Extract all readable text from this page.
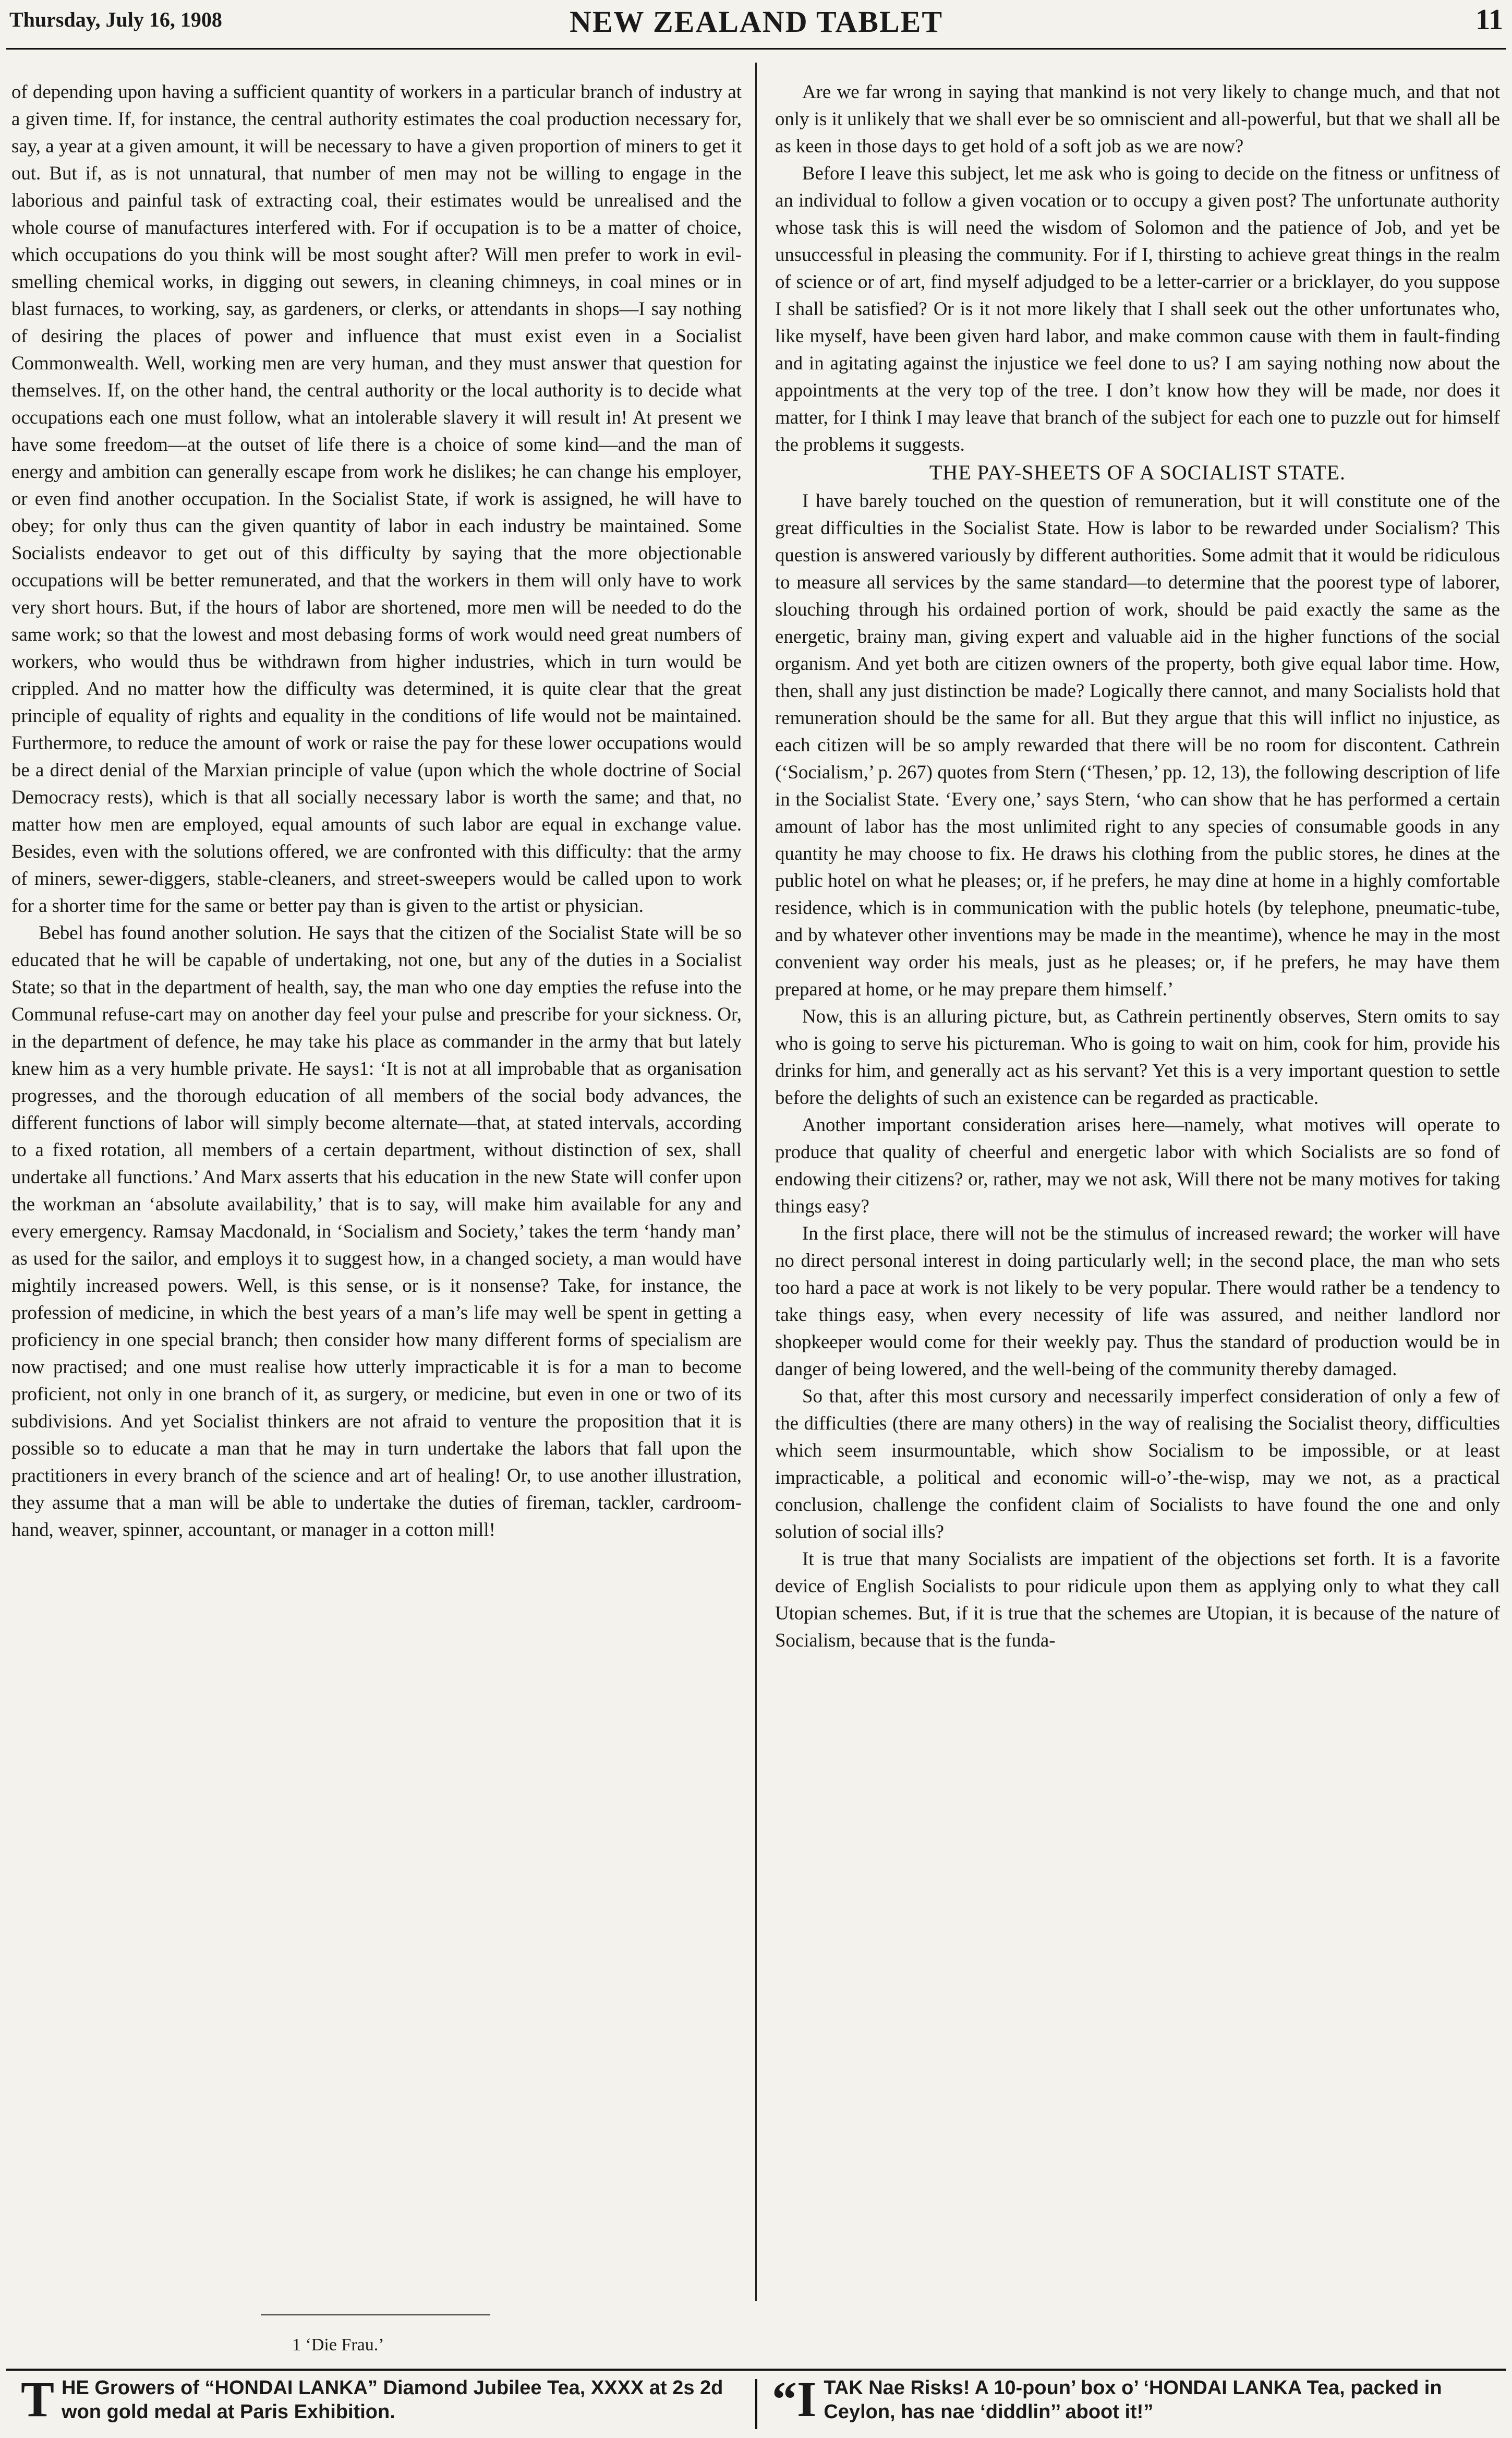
Thursday, July 16, 1908	NEW ZEALAND TABLET	11

of depending upon having a sufficient quantity of workers in a particular branch of industry at a given time. If, for instance, the central authority estimates the coal production necessary for, say, a year at a given amount, it will be necessary to have a given proportion of miners to get it out. But if, as is not unnatural, that number of men may not be willing to engage in the laborious and painful task of extracting coal, their estimates would be unrealised and the whole course of manufactures interfered with. For if occupation is to be a matter of choice, which occupations do you think will be most sought after? Will men prefer to work in evil-smelling chemical works, in digging out sewers, in cleaning chimneys, in coal mines or in blast furnaces, to working, say, as gardeners, or clerks, or attendants in shops—I say nothing of desiring the places of power and influence that must exist even in a Socialist Commonwealth. Well, working men are very human, and they must answer that question for themselves. If, on the other hand, the central authority or the local authority is to decide what occupations each one must follow, what an intolerable slavery it will result in! At present we have some freedom—at the outset of life there is a choice of some kind—and the man of energy and ambition can generally escape from work he dislikes; he can change his employer, or even find another occupation. In the Socialist State, if work is assigned, he will have to obey; for only thus can the given quantity of labor in each industry be maintained. Some Socialists endeavor to get out of this difficulty by saying that the more objectionable occupations will be better remunerated, and that the workers in them will only have to work very short hours. But, if the hours of labor are shortened, more men will be needed to do the same work; so that the lowest and most debasing forms of work would need great numbers of workers, who would thus be withdrawn from higher industries, which in turn would be crippled. And no matter how the difficulty was determined, it is quite clear that the great principle of equality of rights and equality in the conditions of life would not be maintained. Furthermore, to reduce the amount of work or raise the pay for these lower occupations would be a direct denial of the Marxian principle of value (upon which the whole doctrine of Social Democracy rests), which is that all socially necessary labor is worth the same; and that, no matter how men are employed, equal amounts of such labor are equal in exchange value. Besides, even with the solutions offered, we are confronted with this difficulty: that the army of miners, sewer-diggers, stable-cleaners, and street-sweepers would be called upon to work for a shorter time for the same or better pay than is given to the artist or physician.

Bebel has found another solution. He says that the citizen of the Socialist State will be so educated that he will be capable of undertaking, not one, but any of the duties in a Socialist State; so that in the department of health, say, the man who one day empties the refuse into the Communal refuse-cart may on another day feel your pulse and prescribe for your sickness. Or, in the department of defence, he may take his place as commander in the army that but lately knew him as a very humble private. He says1: ‘It is not at all improbable that as organisation progresses, and the thorough education of all members of the social body advances, the different functions of labor will simply become alternate—that, at stated intervals, according to a fixed rotation, all members of a certain department, without distinction of sex, shall undertake all functions.’ And Marx asserts that his education in the new State will confer upon the workman an ‘absolute availability,’ that is to say, will make him available for any and every emergency. Ramsay Macdonald, in ‘Socialism and Society,’ takes the term ‘handy man’ as used for the sailor, and employs it to suggest how, in a changed society, a man would have mightily increased powers. Well, is this sense, or is it nonsense? Take, for instance, the profession of medicine, in which the best years of a man’s life may well be spent in getting a proficiency in one special branch; then consider how many different forms of specialism are now practised; and one must realise how utterly impracticable it is for a man to become proficient, not only in one branch of it, as surgery, or medicine, but even in one or two of its subdivisions. And yet Socialist thinkers are not afraid to venture the proposition that it is possible so to educate a man that he may in turn undertake the labors that fall upon the practitioners in every branch of the science and art of healing! Or, to use another illustration, they assume that a man will be able to undertake the duties of fireman, tackler, cardroom-hand, weaver, spinner, accountant, or manager in a cotton mill!

1 ‘Die Frau.’

Are we far wrong in saying that mankind is not very likely to change much, and that not only is it unlikely that we shall ever be so omniscient and all-powerful, but that we shall all be as keen in those days to get hold of a soft job as we are now?

Before I leave this subject, let me ask who is going to decide on the fitness or unfitness of an individual to follow a given vocation or to occupy a given post? The unfortunate authority whose task this is will need the wisdom of Solomon and the patience of Job, and yet be unsuccessful in pleasing the community. For if I, thirsting to achieve great things in the realm of science or of art, find myself adjudged to be a letter-carrier or a bricklayer, do you suppose I shall be satisfied? Or is it not more likely that I shall seek out the other unfortunates who, like myself, have been given hard labor, and make common cause with them in fault-finding and in agitating against the injustice we feel done to us? I am saying nothing now about the appointments at the very top of the tree. I don’t know how they will be made, nor does it matter, for I think I may leave that branch of the subject for each one to puzzle out for himself the problems it suggests.

THE PAY-SHEETS OF A SOCIALIST STATE.

I have barely touched on the question of remuneration, but it will constitute one of the great difficulties in the Socialist State. How is labor to be rewarded under Socialism? This question is answered variously by different authorities. Some admit that it would be ridiculous to measure all services by the same standard—to determine that the poorest type of laborer, slouching through his ordained portion of work, should be paid exactly the same as the energetic, brainy man, giving expert and valuable aid in the higher functions of the social organism. And yet both are citizen owners of the property, both give equal labor time. How, then, shall any just distinction be made? Logically there cannot, and many Socialists hold that remuneration should be the same for all. But they argue that this will inflict no injustice, as each citizen will be so amply rewarded that there will be no room for discontent. Cathrein (‘Socialism,’ p. 267) quotes from Stern (‘Thesen,’ pp. 12, 13), the following description of life in the Socialist State. ‘Every one,’ says Stern, ‘who can show that he has performed a certain amount of labor has the most unlimited right to any species of consumable goods in any quantity he may choose to fix. He draws his clothing from the public stores, he dines at the public hotel on what he pleases; or, if he prefers, he may dine at home in a highly comfortable residence, which is in communication with the public hotels (by telephone, pneumatic-tube, and by whatever other inventions may be made in the meantime), whence he may in the most convenient way order his meals, just as he pleases; or, if he prefers, he may have them prepared at home, or he may prepare them himself.’

Now, this is an alluring picture, but, as Cathrein pertinently observes, Stern omits to say who is going to serve his pictureman. Who is going to wait on him, cook for him, provide his drinks for him, and generally act as his servant? Yet this is a very important question to settle before the delights of such an existence can be regarded as practicable.

Another important consideration arises here—namely, what motives will operate to produce that quality of cheerful and energetic labor with which Socialists are so fond of endowing their citizens? or, rather, may we not ask, Will there not be many motives for taking things easy?

In the first place, there will not be the stimulus of increased reward; the worker will have no direct personal interest in doing particularly well; in the second place, the man who sets too hard a pace at work is not likely to be very popular. There would rather be a tendency to take things easy, when every necessity of life was assured, and neither landlord nor shopkeeper would come for their weekly pay. Thus the standard of production would be in danger of being lowered, and the well-being of the community thereby damaged.

So that, after this most cursory and necessarily imperfect consideration of only a few of the difficulties (there are many others) in the way of realising the Socialist theory, difficulties which seem insurmountable, which show Socialism to be impossible, or at least impracticable, a political and economic will-o’-the-wisp, may we not, as a practical conclusion, challenge the confident claim of Socialists to have found the one and only solution of social ills?

It is true that many Socialists are impatient of the objections set forth. It is a favorite device of English Socialists to pour ridicule upon them as applying only to what they call Utopian schemes. But, if it is true that the schemes are Utopian, it is because of the nature of Socialism, because that is the funda-

T HE Growers of “HONDAI LANKA” Diamond Jubilee Tea, XXXX at 2s 2d won gold medal at Paris Exhibition.	“I TAK Nae Risks! A 10-poun’ box o’ ‘HONDAI LANKA Tea, packed in Ceylon, has nae ‘diddlin’’ aboot it!”
